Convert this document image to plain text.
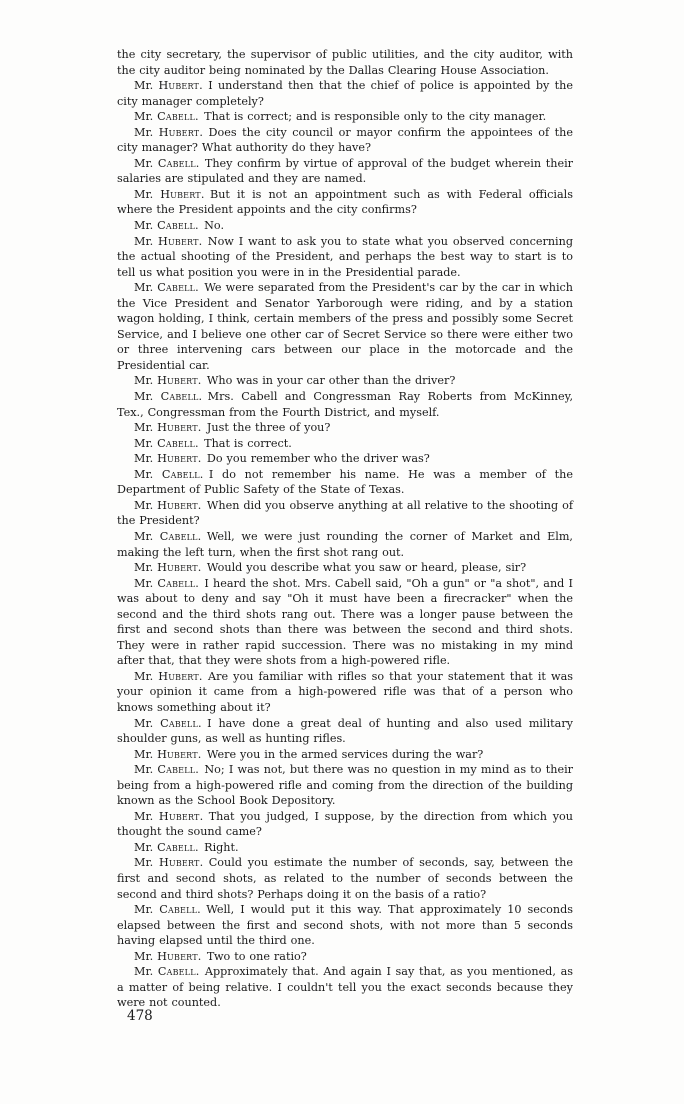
the city secretary, the supervisor of public utilities, and the city auditor, with the city auditor being nominated by the Dallas Clearing House Association.

Mr. Hubert. I understand then that the chief of police is appointed by the city manager completely?

Mr. Cabell. That is correct; and is responsible only to the city manager.

Mr. Hubert. Does the city council or mayor confirm the appointees of the city manager? What authority do they have?

Mr. Cabell. They confirm by virtue of approval of the budget wherein their salaries are stipulated and they are named.

Mr. Hubert. But it is not an appointment such as with Federal officials where the President appoints and the city confirms?

Mr. Cabell. No.

Mr. Hubert. Now I want to ask you to state what you observed concerning the actual shooting of the President, and perhaps the best way to start is to tell us what position you were in in the Presidential parade.

Mr. Cabell. We were separated from the President's car by the car in which the Vice President and Senator Yarborough were riding, and by a station wagon holding, I think, certain members of the press and possibly some Secret Service, and I believe one other car of Secret Service so there were either two or three intervening cars between our place in the motorcade and the Presidential car.

Mr. Hubert. Who was in your car other than the driver?

Mr. Cabell. Mrs. Cabell and Congressman Ray Roberts from McKinney, Tex., Congressman from the Fourth District, and myself.

Mr. Hubert. Just the three of you?

Mr. Cabell. That is correct.

Mr. Hubert. Do you remember who the driver was?

Mr. Cabell. I do not remember his name. He was a member of the Department of Public Safety of the State of Texas.

Mr. Hubert. When did you observe anything at all relative to the shooting of the President?

Mr. Cabell. Well, we were just rounding the corner of Market and Elm, making the left turn, when the first shot rang out.

Mr. Hubert. Would you describe what you saw or heard, please, sir?

Mr. Cabell. I heard the shot. Mrs. Cabell said, "Oh a gun" or "a shot", and I was about to deny and say "Oh it must have been a firecracker" when the second and the third shots rang out. There was a longer pause between the first and second shots than there was between the second and third shots. They were in rather rapid succession. There was no mistaking in my mind after that, that they were shots from a high-powered rifle.

Mr. Hubert. Are you familiar with rifles so that your statement that it was your opinion it came from a high-powered rifle was that of a person who knows something about it?

Mr. Cabell. I have done a great deal of hunting and also used military shoulder guns, as well as hunting rifles.

Mr. Hubert. Were you in the armed services during the war?

Mr. Cabell. No; I was not, but there was no question in my mind as to their being from a high-powered rifle and coming from the direction of the building known as the School Book Depository.

Mr. Hubert. That you judged, I suppose, by the direction from which you thought the sound came?

Mr. Cabell. Right.

Mr. Hubert. Could you estimate the number of seconds, say, between the first and second shots, as related to the number of seconds between the second and third shots? Perhaps doing it on the basis of a ratio?

Mr. Cabell. Well, I would put it this way. That approximately 10 seconds elapsed between the first and second shots, with not more than 5 seconds having elapsed until the third one.

Mr. Hubert. Two to one ratio?

Mr. Cabell. Approximately that. And again I say that, as you mentioned, as a matter of being relative. I couldn't tell you the exact seconds because they were not counted.

478
